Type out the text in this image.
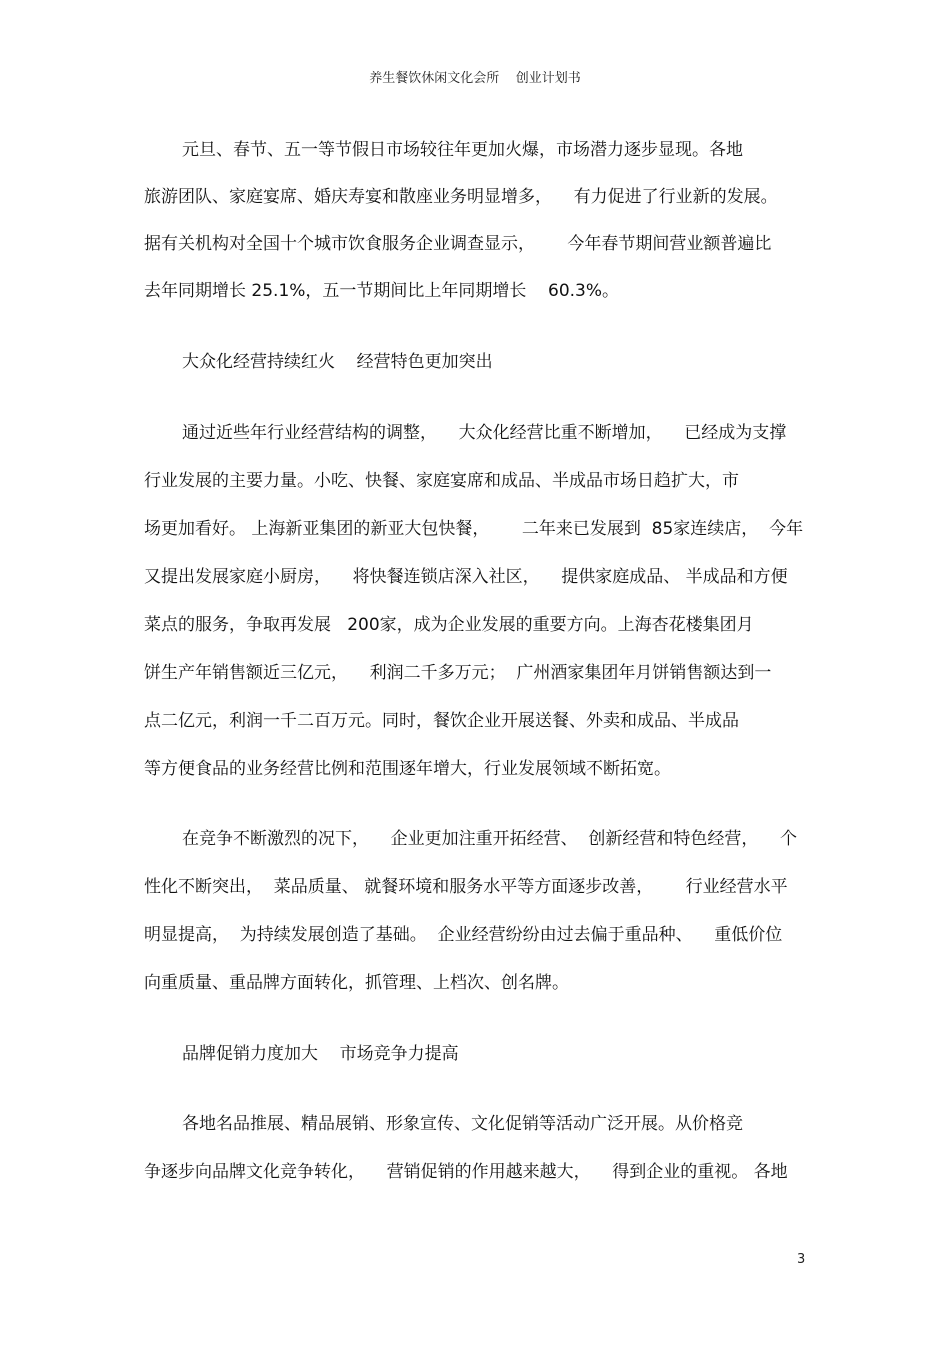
养生餐饮休闲文化会所    创业计划书
元旦、春节、五一等节假日市场较往年更加火爆，市场潜力逐步显现。各地
旅游团队、家庭宴席、婚庆寿宴和散座业务明显增多，    有力促进了行业新的发展。
据有关机构对全国十个城市饮食服务企业调查显示，      今年春节期间营业额普遍比
去年同期增长 25.1%，五一节期间比上年同期增长    60.3%。
大众化经营持续红火    经营特色更加突出
通过近些年行业经营结构的调整，    大众化经营比重不断增加，    已经成为支撑
行业发展的主要力量。小吃、快餐、家庭宴席和成品、半成品市场日趋扩大，市
场更加看好。 上海新亚集团的新亚大包快餐，      二年来已发展到  85家连续店，  今年
又提出发展家庭小厨房，    将快餐连锁店深入社区，    提供家庭成品、 半成品和方便
菜点的服务，争取再发展   200家，成为企业发展的重要方向。上海杏花楼集团月
饼生产年销售额近三亿元，    利润二千多万元；  广州酒家集团年月饼销售额达到一
点二亿元，利润一千二百万元。同时，餐饮企业开展送餐、外卖和成品、半成品
等方便食品的业务经营比例和范围逐年增大，行业发展领域不断拓宽。
在竞争不断激烈的况下，    企业更加注重开拓经营、  创新经营和特色经营，    个
性化不断突出，  菜品质量、 就餐环境和服务水平等方面逐步改善，      行业经营水平
明显提高，  为持续发展创造了基础。  企业经营纷纷由过去偏于重品种、    重低价位
向重质量、重品牌方面转化，抓管理、上档次、创名牌。
品牌促销力度加大    市场竞争力提高
各地名品推展、精品展销、形象宣传、文化促销等活动广泛开展。从价格竞
争逐步向品牌文化竞争转化，    营销促销的作用越来越大，    得到企业的重视。 各地
3
